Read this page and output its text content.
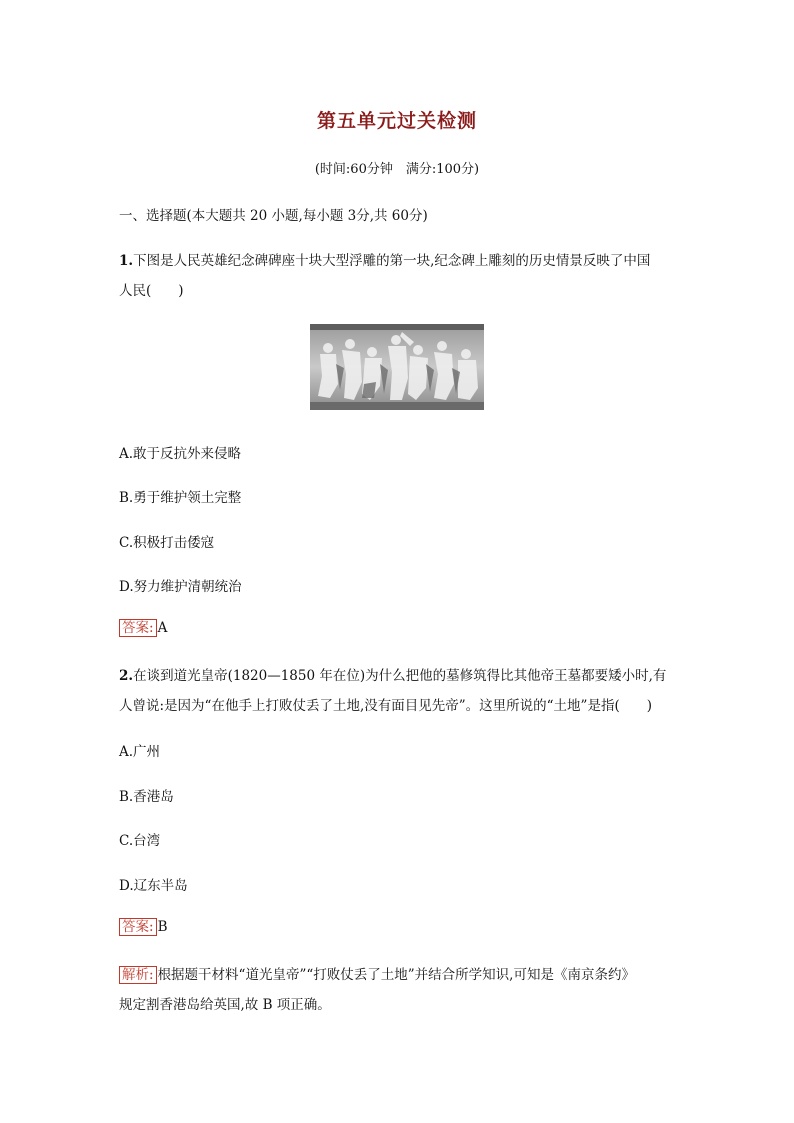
第五单元过关检测
(时间:60分钟　满分:100分)
一、选择题(本大题共 20 小题,每小题 3分,共 60分)
1.下图是人民英雄纪念碑碑座十块大型浮雕的第一块,纪念碑上雕刻的历史情景反映了中国
人民(　　)
A.敢于反抗外来侵略
B.勇于维护领土完整
C.积极打击倭寇
D.努力维护清朝统治
答案: A
2.在谈到道光皇帝(1820—1850 年在位)为什么把他的墓修筑得比其他帝王墓都要矮小时,有
人曾说:是因为“在他手上打败仗丢了土地,没有面目见先帝”。这里所说的“土地”是指(　　)
A.广州
B.香港岛
C.台湾
D.辽东半岛
答案: B
解析: 根据题干材料“道光皇帝”“打败仗丢了土地”并结合所学知识,可知是《南京条约》
规定割香港岛给英国,故 B 项正确。
